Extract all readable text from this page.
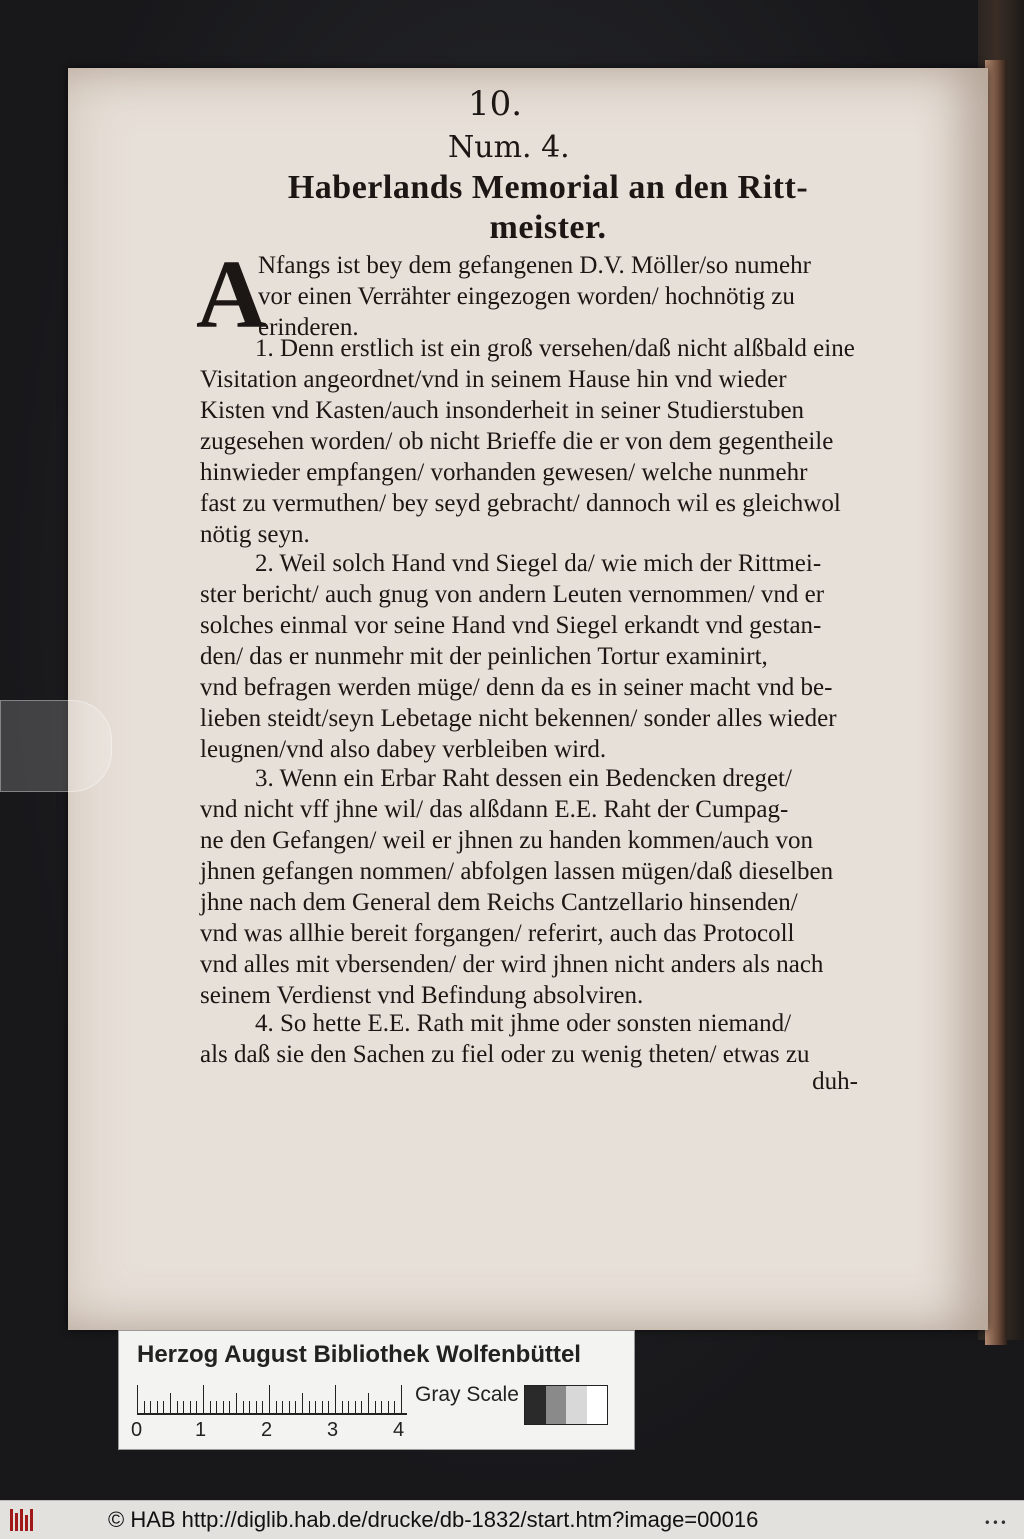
10.
Num. 4.
Haberlands Memorial an den Ritt-
meister.
A
Nfangs ist bey dem gefangenen D.V. Möller/so numehr
vor einen Verrähter eingezogen worden/ hochnötig zu
erinderen.
1. Denn erstlich ist ein groß versehen/daß nicht alßbald eine
Visitation angeordnet/vnd in seinem Hause hin vnd wieder
Kisten vnd Kasten/auch insonderheit in seiner Studierstuben
zugesehen worden/ ob nicht Brieffe die er von dem gegentheile
hinwieder empfangen/ vorhanden gewesen/ welche nunmehr
fast zu vermuthen/ bey seyd gebracht/ dannoch wil es gleichwol
nötig seyn.
2. Weil solch Hand vnd Siegel da/ wie mich der Rittmei-
ster bericht/ auch gnug von andern Leuten vernommen/ vnd er
solches einmal vor seine Hand vnd Siegel erkandt vnd gestan-
den/ das er nunmehr mit der peinlichen Tortur examinirt,
vnd befragen werden müge/ denn da es in seiner macht vnd be-
lieben steidt/seyn Lebetage nicht bekennen/ sonder alles wieder
leugnen/vnd also dabey verbleiben wird.
3. Wenn ein Erbar Raht dessen ein Bedencken dreget/
vnd nicht vff jhne wil/ das alßdann E.E. Raht der Cumpag-
ne den Gefangen/ weil er jhnen zu handen kommen/auch von
jhnen gefangen nommen/ abfolgen lassen mügen/daß dieselben
jhne nach dem General dem Reichs Cantzellario hinsenden/
vnd was allhie bereit forgangen/ referirt, auch das Protocoll
vnd alles mit vbersenden/ der wird jhnen nicht anders als nach
seinem Verdienst vnd Befindung absolviren.
4. So hette E.E. Rath mit jhme oder sonsten niemand/
als daß sie den Sachen zu fiel oder zu wenig theten/ etwas zu
duh-
Herzog August Bibliothek Wolfenbüttel
0	1	2	3	4
Gray Scale
© HAB http://diglib.hab.de/drucke/db-1832/start.htm?image=00016	•••
